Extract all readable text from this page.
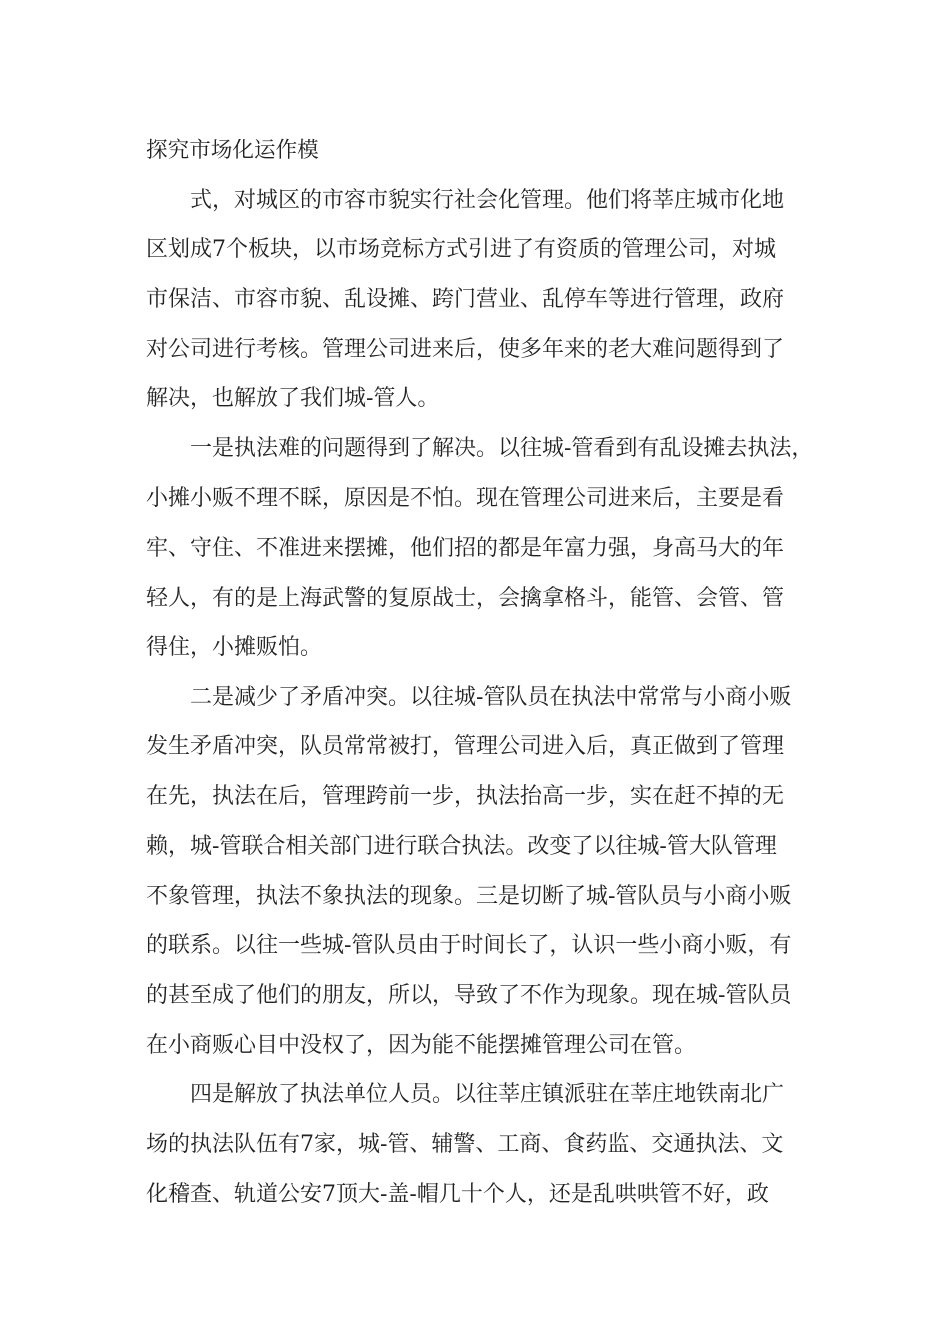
探究市场化运作模
式，对城区的市容市貌实行社会化管理。他们将莘庄城市化地
区划成7个板块，以市场竞标方式引进了有资质的管理公司，对城
市保洁、市容市貌、乱设摊、跨门营业、乱停车等进行管理，政府
对公司进行考核。管理公司进来后，使多年来的老大难问题得到了
解决，也解放了我们城-管人。
一是执法难的问题得到了解决。以往城-管看到有乱设摊去执法，
小摊小贩不理不睬，原因是不怕。现在管理公司进来后，主要是看
牢、守住、不准进来摆摊，他们招的都是年富力强，身高马大的年
轻人，有的是上海武警的复原战士，会擒拿格斗，能管、会管、管
得住，小摊贩怕。
二是减少了矛盾冲突。以往城-管队员在执法中常常与小商小贩
发生矛盾冲突，队员常常被打，管理公司进入后，真正做到了管理
在先，执法在后，管理跨前一步，执法抬高一步，实在赶不掉的无
赖，城-管联合相关部门进行联合执法。改变了以往城-管大队管理
不象管理，执法不象执法的现象。三是切断了城-管队员与小商小贩
的联系。以往一些城-管队员由于时间长了，认识一些小商小贩，有
的甚至成了他们的朋友，所以，导致了不作为现象。现在城-管队员
在小商贩心目中没权了，因为能不能摆摊管理公司在管。
四是解放了执法单位人员。以往莘庄镇派驻在莘庄地铁南北广
场的执法队伍有7家，城-管、辅警、工商、食药监、交通执法、文
化稽查、轨道公安7顶大-盖-帽几十个人，还是乱哄哄管不好，政
